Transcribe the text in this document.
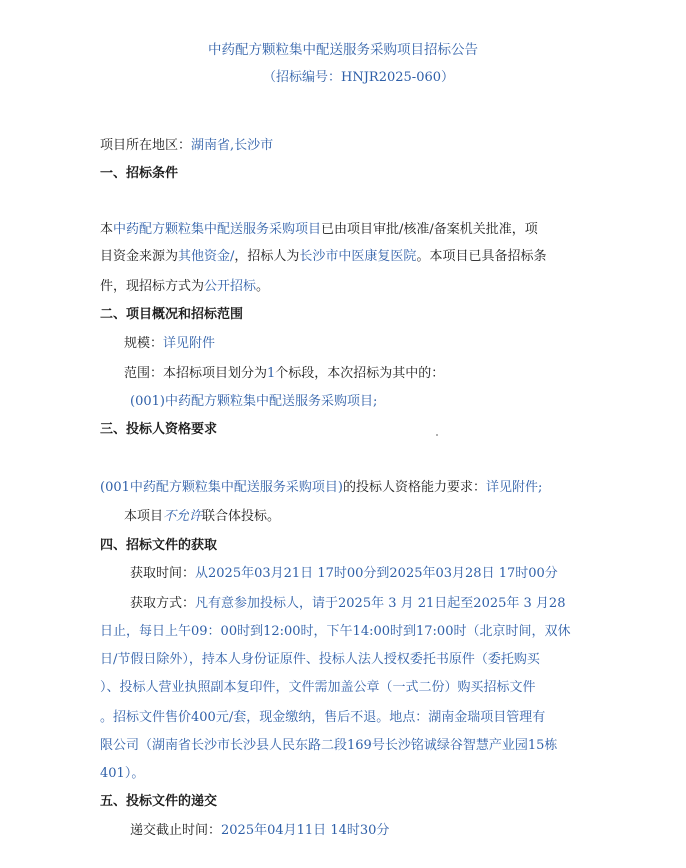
中药配方颗粒集中配送服务采购项目招标公告
（招标编号：HNJR2025-060）
项目所在地区：湖南省,长沙市
一、招标条件
本中药配方颗粒集中配送服务采购项目已由项目审批/核准/备案机关批准，项
目资金来源为其他资金/，招标人为长沙市中医康复医院。本项目已具备招标条
件，现招标方式为公开招标。
二、项目概况和招标范围
规模：详见附件
范围：本招标项目划分为1个标段，本次招标为其中的：
(001)中药配方颗粒集中配送服务采购项目;
三、投标人资格要求
(001中药配方颗粒集中配送服务采购项目)的投标人资格能力要求：详见附件;
本项目不允许联合体投标。
四、招标文件的获取
获取时间：从2025年03月21日 17时00分到2025年03月28日 17时00分
获取方式：凡有意参加投标人，请于2025年 3 月 21日起至2025年 3 月28
日止，每日上午09：00时到12:00时，下午14:00时到17:00时（北京时间，双休
日/节假日除外），持本人身份证原件、投标人法人授权委托书原件（委托购买
）、投标人营业执照副本复印件，文件需加盖公章（一式二份）购买招标文件
。招标文件售价400元/套，现金缴纳，售后不退。地点：湖南金瑞项目管理有
限公司（湖南省长沙市长沙县人民东路二段169号长沙铭诚绿谷智慧产业园15栋
401）。
五、投标文件的递交
递交截止时间：2025年04月11日 14时30分
